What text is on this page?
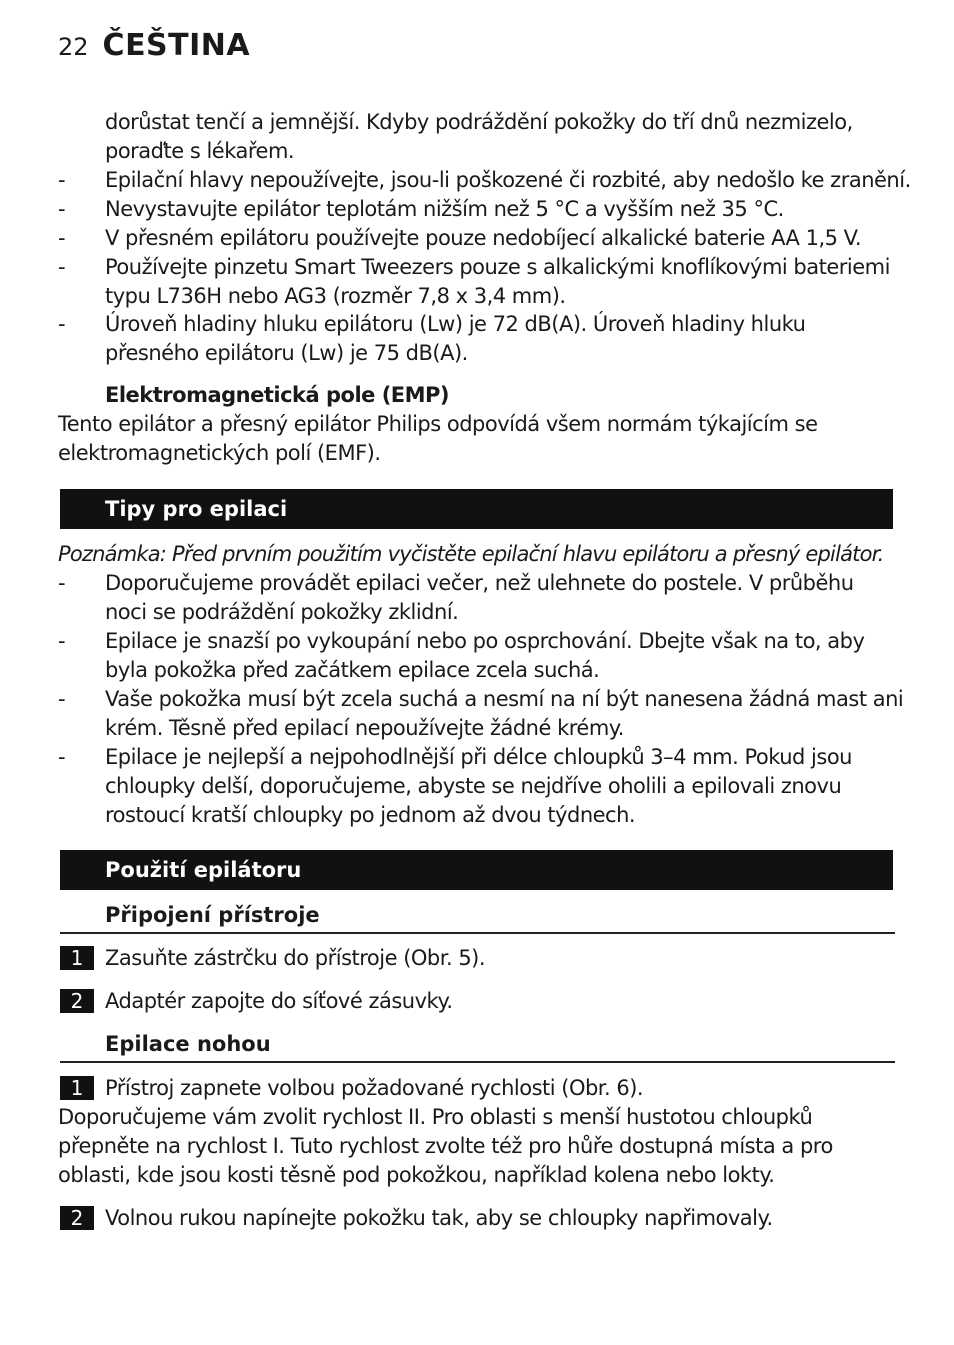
22 ČEŠTINA

dorůstat tenčí a jemnější. Kdyby podráždění pokožky do tří dnů nezmizelo,

poraďte s lékařem.

- Epilační hlavy nepoužívejte, jsou-li poškozené či rozbité, aby nedošlo ke zranění.

- Nevystavujte epilátor teplotám nižším než 5 °C a vyšším než 35 °C.

- V přesném epilátoru používejte pouze nedobíjecí alkalické baterie AA 1,5 V.

- Používejte pinzetu Smart Tweezers pouze s alkalickými knoflíkovými bateriemi

typu L736H nebo AG3 (rozměr 7,8 x 3,4 mm).

- Úroveň hladiny hluku epilátoru (Lw) je 72 dB(A). Úroveň hladiny hluku

přesného epilátoru (Lw) je 75 dB(A).

Elektromagnetická pole (EMP)

Tento epilátor a přesný epilátor Philips odpovídá všem normám týkajícím se

elektromagnetických polí (EMF).

Tipy pro epilaci

Poznámka: Před prvním použitím vyčistěte epilační hlavu epilátoru a přesný epilátor.

- Doporučujeme provádět epilaci večer, než ulehnete do postele. V průběhu

noci se podráždění pokožky zklidní.

- Epilace je snazší po vykoupání nebo po osprchování. Dbejte však na to, aby

byla pokožka před začátkem epilace zcela suchá.

- Vaše pokožka musí být zcela suchá a nesmí na ní být nanesena žádná mast ani

krém. Těsně před epilací nepoužívejte žádné krémy.

- Epilace je nejlepší a nejpohodlnější při délce chloupků 3–4 mm. Pokud jsou

chloupky delší, doporučujeme, abyste se nejdříve oholili a epilovali znovu

rostoucí kratší chloupky po jednom až dvou týdnech.

Použití epilátoru
Připojení přístroje
1	Zasuňte zástrčku do přístroje (Obr. 5).
2	Adaptér zapojte do síťové zásuvky.
Epilace nohou
1	Přístroj zapnete volbou požadované rychlosti (Obr. 6).

Doporučujeme vám zvolit rychlost II. Pro oblasti s menší hustotou chloupků

přepněte na rychlost I. Tuto rychlost zvolte též pro hůře dostupná místa a pro

oblasti, kde jsou kosti těsně pod pokožkou, například kolena nebo lokty.

2	Volnou rukou napínejte pokožku tak, aby se chloupky napřimovaly.
